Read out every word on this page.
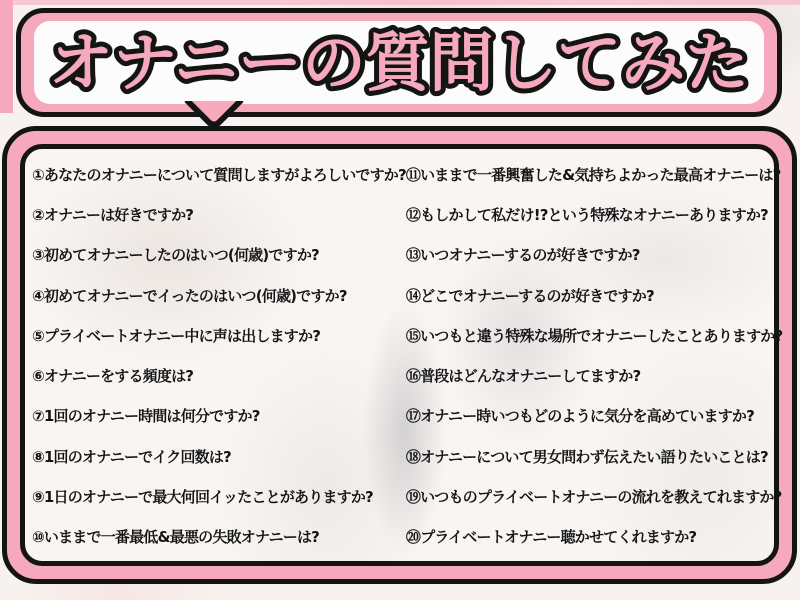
オナニーの質問してみた
①あなたのオナニーについて質問しますがよろしいですか?
②オナニーは好きですか?
③初めてオナニーしたのはいつ(何歳)ですか?
④初めてオナニーでイったのはいつ(何歳)ですか?
⑤プライベートオナニー中に声は出しますか?
⑥オナニーをする頻度は?
⑦1回のオナニー時間は何分ですか?
⑧1回のオナニーでイク回数は?
⑨1日のオナニーで最大何回イッたことがありますか?
⑩いままで一番最低&最悪の失敗オナニーは?
⑪いままで一番興奮した&気持ちよかった最高オナニーは?
⑫もしかして私だけ!?という特殊なオナニーありますか?
⑬いつオナニーするのが好きですか?
⑭どこでオナニーするのが好きですか?
⑮いつもと違う特殊な場所でオナニーしたことありますか?
⑯普段はどんなオナニーしてますか?
⑰オナニー時いつもどのように気分を高めていますか?
⑱オナニーについて男女問わず伝えたい語りたいことは?
⑲いつものプライベートオナニーの流れを教えてれますか?
⑳プライベートオナニー聴かせてくれますか?
